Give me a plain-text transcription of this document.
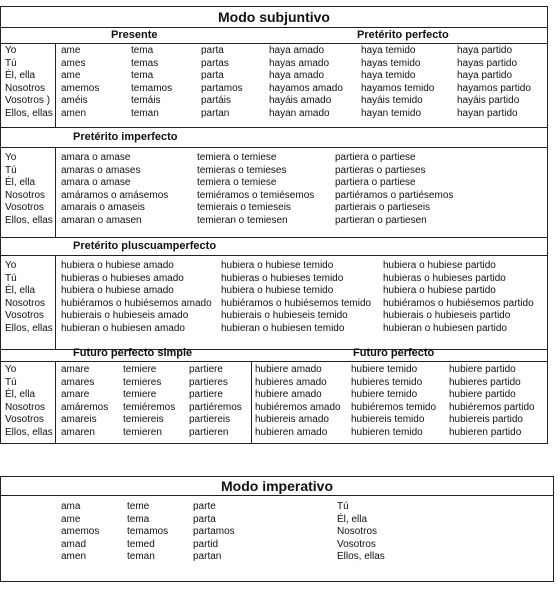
Modo subjuntivo
Presente	Pretérito perfecto
Yo
Tú
Él, ella
Nosotros
Vosotros )
Ellos, ellas
ame
ames
ame
amemos
améis
amen
tema
temas
tema
temamos
temáis
teman
parta
partas
parta
partamos
partáis
partan
haya amado
hayas amado
haya amado
hayamos amado
hayáis amado
hayan amado
haya temido
hayas temido
haya temido
hayamos temido
hayáis temido
hayan temido
haya partido
hayas partido
haya partido
hayamos partido
hayáis partido
hayan partido
Pretérito imperfecto
Yo
Tú
Él, ella
Nosotros
Vosotros
Ellos, ellas
amara o amase
amaras o amases
amara o amase
amáramos o amásemos
amarais o amaseis
amaran o amasen
temiera o temiese
temieras o temieses
temiera o temiese
temiéramos o temiésemos
temierais o temieseis
temieran o temiesen
partiera o partiese
partieras o partieses
partiera o partiese
partiéramos o partiésemos
partierais o partieseis
partieran o partiesen
Pretérito pluscuamperfecto
Yo
Tú
Él, ella
Nosotros
Vosotros
Ellos, ellas
hubiera o hubiese amado
hubieras o hubieses amado
hubiera o hubiese amado
hubiéramos o hubiésemos amado
hubierais o hubieseis amado
hubieran o hubiesen amado
hubiera o hubiese temido
hubieras o hubieses temido
hubiera o hubiese temido
hubiéramos o hubiésemos temido
hubierais o hubieseis temido
hubieran o hubiesen temido
hubiera o hubiese partido
hubieras o hubieses partido
hubiera o hubiese partido
hubiéramos o hubiésemos partido
hubierais o hubieseis partido
hubieran o hubiesen partido
Futuro perfecto simple	Futuro perfecto
Yo
Tú
Él, ella
Nosotros
Vosotros
Ellos, ellas
amare
amares
amare
amáremos
amareis
amaren
temiere
temieres
temiere
temiéremos
temiereis
temieren
partiere
partieres
partiere
partiéremos
partiereis
partieren
hubiere amado
hubieres amado
hubiere amado
hubiéremos amado
hubiereis amado
hubieren amado
hubiere temido
hubieres temido
hubiere temido
hubiéremos temido
hubiereis temido
hubieren temido
hubiere partido
hubieres partido
hubiere partido
hubiéremos partido
hubiereis partido
hubieren partido
Modo imperativo
ama
ame
amemos
amad
amen
teme
tema
temamos
temed
teman
parte
parta
partamos
partid
partan
Tú
Él, ella
Nosotros
Vosotros
Ellos, ellas
